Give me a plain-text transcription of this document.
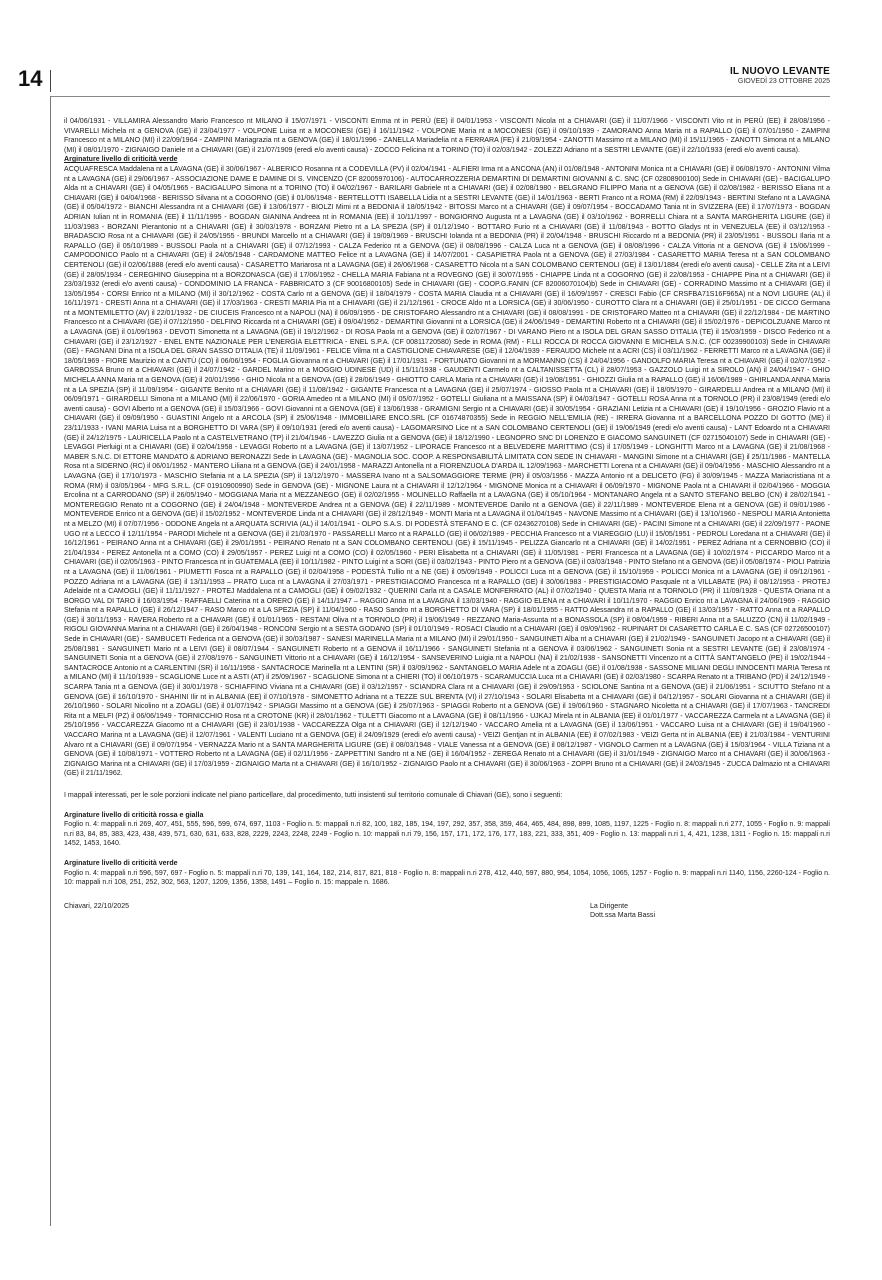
14	IL NUOVO LEVANTE
GIOVEDÌ 23 OTTOBRE 2025

il 04/06/1931 - VILLAMIRA Alessandro Mario Francesco nt MILANO il 15/07/1971 - VISCONTI Emma nt in PERÙ (EE) il 04/01/1953 - VISCONTI Nicola nt a CHIAVARI (GE) il 11/07/1966 - VISCONTI Vito nt in PERÙ (EE) il 28/08/1956 - VIVARELLI Michela nt a GENOVA (GE) il 23/04/1977 - VOLPONE Luisa nt a MOCONESI (GE) il 16/11/1942 - VOLPONE Maria nt a MOCONESI (GE) il 09/10/1939 - ZAMORANO Anna Maria nt a RAPALLO (GE) il 07/01/1950 - ZAMPINI Francesco nt a MILANO (MI) il 22/09/1964 - ZAMPINI Mariagrazia nt a GENOVA (GE) il 18/01/1996 - ZANELLA Mariadelia nt a FERRARA (FE) il 21/09/1954 - ZANOTTI Massimo nt a MILANO (MI) il 15/11/1965 - ZANOTTI Simona nt a MILANO (MI) il 08/01/1970 - ZIGNAIGO Daniele nt a CHIAVARI (GE) il 21/07/1909 (eredi e/o aventi causa) - ZOCCO Felicina nt a TORINO (TO) il 02/03/1942 - ZOLEZZI Adriano nt a SESTRI LEVANTE (GE) il 22/10/1933 (eredi e/o aventi causa).

Arginature livello di criticità verde

ACQUAFRESCA Maddalena nt a LAVAGNA (GE) il 30/06/1967 - ALBERICO Rosanna nt a CODEVILLA (PV) il 02/04/1941 - ALFIERI Irma nt a ANCONA (AN) il 01/08/1948 - ANTONINI Monica nt a CHIAVARI (GE) il 06/08/1970 - ANTONINI Vilma nt a LAVAGNA (GE) il 29/06/1967 - ASSOCIAZIONE DAME E DAMINE DI S. VINCENZO (CF 82005970106) - AUTOCARROZZERIA DEMARTINI DI DEMARTINI GIOVANNI & C. SNC (CF 02808900100) Sede in CHIAVARI (GE) - BACIGALUPO Alda nt a CHIAVARI (GE) il 04/05/1965 - BACIGALUPO Simona nt a TORINO (TO) il 04/02/1967 - BARILARI Gabriele nt a CHIAVARI (GE) il 02/08/1980 - BELGRANO FILIPPO Maria nt a GENOVA (GE) il 02/08/1982 - BERISSO Eliana nt a CHIAVARI (GE) il 04/04/1968 - BERISSO Silvana nt a COGORNO (GE) il 01/06/1948 - BERTELLOTTI ISABELLA Lidia nt a SESTRI LEVANTE (GE) il 14/01/1963 - BERTI Franco nt a ROMA (RM) il 22/09/1943 - BERTINI Stefano nt a LAVAGNA (GE) il 05/04/1972 - BIANCHI Alessandra nt a CHIAVARI (GE) il 13/06/1977 - BIOLZI Mimi nt a BEDONIA il 18/05/1942 - BITOSSI Marco nt a CHIAVARI (GE) il 09/07/1954 - BOCCADAMO Tania nt in SVIZZERA (EE) il 17/07/1973 - BOGDAN ADRIAN Iulian nt in ROMANIA (EE) il 11/11/1995 - BOGDAN GIANINA Andreea nt in ROMANIA (EE) il 10/11/1997 - BONGIORNO Augusta nt a LAVAGNA (GE) il 03/10/1962 - BORRELLI Chiara nt a SANTA MARGHERITA LIGURE (GE) il 11/03/1983 - BORZANI Pierantonio nt a CHIAVARI (GE) il 30/03/1978 - BORZANI Pietro nt a LA SPEZIA (SP) il 01/12/1940 - BOTTARO Furio nt a CHIAVARI (GE) il 11/08/1943 - BOTTO Gladys nt in VENEZUELA (EE) il 03/12/1953 - BRADASCIO Rosa nt a CHIAVARI (GE) il 24/05/1955 - BRUNDI Marcello nt a CHIAVARI (GE) il 19/09/1969 - BRUSCHI Iolanda nt a BEDONIA (PR) il 20/04/1948 - BRUSCHI Riccardo nt a BEDONIA (PR) il 23/05/1951 - BUSSOLI Ilaria nt a RAPALLO (GE) il 05/10/1989 - BUSSOLI Paola nt a CHIAVARI (GE) il 07/12/1993 - CALZA Federico nt a GENOVA (GE) il 08/08/1996 - CALZA Luca nt a GENOVA (GE) il 08/08/1996 - CALZA Vittoria nt a GENOVA (GE) il 15/06/1999 - CAMPODONICO Paolo nt a CHIAVARI (GE) il 24/05/1948 - CARDAMONE MATTEO Felice nt a LAVAGNA (GE) il 14/07/2001 - CASAPIETRA Paola nt a GENOVA (GE) il 27/03/1984 - CASARETTO MARIA Teresa nt a SAN COLOMBANO CERTENOLI (GE) il 02/06/1888 (eredi e/o aventi causa) - CASARETTO Mariarosa nt a LAVAGNA (GE) il 26/06/1968 - CASARETTO Nicola nt a SAN COLOMBANO CERTENOLI (GE) il 13/01/1884 (eredi e/o aventi causa) - CELLE Zita nt a LEIVI (GE) il 28/05/1934 - CEREGHINO Giuseppina nt a BORZONASCA (GE) il 17/06/1952 - CHELLA MARIA Fabiana nt a ROVEGNO (GE) il 30/07/1955 - CHIAPPE Linda nt a COGORNO (GE) il 22/08/1953 - CHIAPPE Pina nt a CHIAVARI (GE) il 23/03/1932 (eredi e/o aventi causa) - CONDOMINIO LA FRANCA - FABBRICATO 3 (CF 90016800105) Sede in CHIAVARI (GE) - COOP.G.FANIN (CF 82006070104)b) Sede in CHIAVARI (GE) - CORRADINO Massimo nt a CHIAVARI (GE) il 13/05/1954 - CORSI Enrico nt a MILANO (MI) il 30/12/1962 - COSTA Carlo nt a GENOVA (GE) il 18/04/1979 - COSTA MARIA Claudia nt a CHIAVARI (GE) il 16/09/1957 - CRESCI Fabio (CF CRSFBA71S16F965A) nt a NOVI LIGURE (AL) il 16/11/1971 - CRESTI Anna nt a CHIAVARI (GE) il 17/03/1963 - CRESTI MARIA Pia nt a CHIAVARI (GE) il 21/12/1961 - CROCE Aldo nt a LORSICA (GE) il 30/06/1950 - CUROTTO Clara nt a CHIAVARI (GE) il 25/01/1951 - DE CICCO Germana nt a MONTEMILETTO (AV) il 22/01/1932 - DE CIUCEIS Francesco nt a NAPOLI (NA) il 06/09/1955 - DE CRISTOFARO Alessandro nt a CHIAVARI (GE) il 08/08/1991 - DE CRISTOFARO Matteo nt a CHIAVARI (GE) il 22/12/1984 - DE MARTINO Francesco nt a CHIAVARI (GE) il 07/12/1950 - DELFINO Riccarda nt a CHIAVARI (GE) il 09/04/1952 - DEMARTINI Giovanni nt a LORSICA (GE) il 24/06/1949 - DEMARTINI Roberto nt a CHIAVARI (GE) il 15/02/1976 - DEPICOLZUANE Marco nt a LAVAGNA (GE) il 01/09/1963 - DEVOTI Simonetta nt a LAVAGNA (GE) il 19/12/1962 - DI ROSA Paola nt a GENOVA (GE) il 02/07/1967 - DI VARANO Piero nt a ISOLA DEL GRAN SASSO D'ITALIA (TE) il 15/03/1959 - DISCO Federico nt a CHIAVARI (GE) il 23/12/1927 - ENEL ENTE NAZIONALE PER L'ENERGIA ELETTRICA - ENEL S.P.A. (CF 00811720580) Sede in ROMA (RM) - F.LLI ROCCA DI ROCCA GIOVANNI E MICHELA S.N.C. (CF 00239900103) Sede in CHIAVARI (GE) - FAGNANI Dina nt a ISOLA DEL GRAN SASSO D'ITALIA (TE) il 11/09/1961 - FELICE Vilma nt a CASTIGLIONE CHIAVARESE (GE) il 12/04/1939 - FERAUDO Michele nt a ACRI (CS) il 03/11/1962 - FERRETTI Marco nt a LAVAGNA (GE) il 18/05/1969 - FIORE Maurizio nt a CANTÙ (CO) il 06/06/1954 - FOGLIA Giovanna nt a CHIAVARI (GE) il 17/01/1931 - FORTUNATO Giovanni nt a MORMANNO (CS) il 24/04/1956 - GANDOLFO MARIA Teresa nt a CHIAVARI (GE) il 02/07/1952 - GARBOSSA Bruno nt a CHIAVARI (GE) il 24/07/1942 - GARDEL Marino nt a MOGGIO UDINESE (UD) il 15/11/1938 - GAUDENTI Carmelo nt a CALTANISSETTA (CL) il 28/07/1953 - GAZZOLO Luigi nt a SIROLO (AN) il 24/04/1947 - GHIO MICHELA ANNA Maria nt a GENOVA (GE) il 20/01/1956 - GHIO Nicola nt a GENOVA (GE) il 28/06/1949 - GHIOTTO CARLA Maria nt a CHIAVARI (GE) il 19/08/1951 - GHIOZZI Giulia nt a RAPALLO (GE) il 16/06/1989 - GHIRLANDA ANNA Maria nt a LA SPEZIA (SP) il 11/09/1954 - GIGANTE Benito nt a CHIAVARI (GE) il 11/08/1942 - GIGANTE Francesca nt a LAVAGNA (GE) il 25/07/1974 - GIOSSO Paola nt a CHIAVARI (GE) il 18/05/1970 - GIRARDELLI Andrea nt a MILANO (MI) il 06/09/1971 - GIRARDELLI Simona nt a MILANO (MI) il 22/06/1970 - GORIA Amedeo nt a MILANO (MI) il 05/07/1952 - GOTELLI Giuliana nt a MAISSANA (SP) il 04/03/1947 - GOTELLI ROSA Anna nt a TORNOLO (PR) il 23/08/1949 (eredi e/o aventi causa) - GOVI Alberto nt a GENOVA (GE) il 15/03/1966 - GOVI Giovanni nt a GENOVA (GE) il 13/06/1938 - GRAMIGNI Sergio nt a CHIAVARI (GE) il 30/05/1954 - GRAZIANI Letizia nt a CHIAVARI (GE) il 19/10/1956 - GROZIO Flavio nt a CHIAVARI (GE) il 09/09/1950 - GUASTINI Angelo nt a ARCOLA (SP) il 25/06/1948 - IMMOBILIARE ENCO.SRL (CF 01674870355) Sede in REGGIO NELL'EMILIA (RE) - IRRERA Giovanna nt a BARCELLONA POZZO DI GOTTO (ME) il 23/11/1933 - IVANI MARIA Luisa nt a BORGHETTO DI VARA (SP) il 09/10/1931 (eredi e/o aventi causa) - LAGOMARSINO Lice nt a SAN COLOMBANO CERTENOLI (GE) il 19/06/1949 (eredi e/o aventi causa) - LANT Edoardo nt a CHIAVARI (GE) il 24/12/1975 - LAURICELLA Paolo nt a CASTELVETRANO (TP) il 21/04/1946 - LAVEZZO Giulia nt a GENOVA (GE) il 18/12/1990 - LEGNOPRO SNC DI LORENZO E GIACOMO SANGUINETI (CF 02715040107) Sede in CHIAVARI (GE) - LEVAGGI Pierluigi nt a CHIAVARI (GE) il 02/04/1958 - LEVAGGI Roberto nt a LAVAGNA (GE) il 13/07/1952 - LIPORACE Francesco nt a BELVEDERE MARITTIMO (CS) il 17/05/1949 - LONGHITTI Marco nt a LAVAGNA (GE) il 21/08/1968 - MABER S.N.C. DI ETTORE MANDATO & ADRIANO BERONAZZI Sede in LAVAGNA (GE) - MAGNOLIA SOC. COOP. A RESPONSABILITÀ LIMITATA CON SEDE IN CHIAVARI - MANGINI Simone nt a CHIAVARI (GE) il 25/11/1986 - MANTELLA Rosa nt a SIDERNO (RC) il 06/01/1952 - MANTERO Liliana nt a GENOVA (GE) il 24/01/1958 - MARAZZI Antonella nt a FIORENZUOLA D'ARDA IL 12/09/1963 - MARCHETTI Lorena nt a CHIAVARI (GE) il 09/04/1956 - MASCHIO Alessandro nt a LAVAGNA (GE) il 17/10/1973 - MASCHIO Stefania nt a LA SPEZIA (SP) il 13/12/1970 - MASSERA Ivano nt a SALSOMAGGIORE TERME (PR) il 05/03/1956 - MAZZA Antonio nt a DELICETO (FG) il 30/09/1945 - MAZZA Mariacristiana nt a ROMA (RM) il 03/05/1964 - MFG S.R.L. (CF 01910900990) Sede in GENOVA (GE) - MIGNONE Laura nt a CHIAVARI il 12/12/1964 - MIGNONE Monica nt a CHIAVARI il 06/09/1970 - MIGNONE Paola nt a CHIAVARI il 02/04/1966 - MOGGIA Ercolina nt a CARRODANO (SP) il 26/05/1940 - MOGGIANA Maria nt a MEZZANEGO (GE) il 02/02/1955 - MOLINELLO Raffaella nt a LAVAGNA (GE) il 05/10/1964 - MONTANARO Angela nt a SANTO STEFANO BELBO (CN) il 28/02/1941 - MONTEREGGIO Renato nt a COGORNO (GE) il 24/04/1948 - MONTEVERDE Andrea nt a GENOVA (GE) il 22/11/1989 - MONTEVERDE Danilo nt a GENOVA (GE) il 22/11/1989 - MONTEVERDE Elena nt a GENOVA (GE) il 09/01/1986 - MONTEVERDE Enrico nt a GENOVA (GE) il 15/02/1952 - MONTEVERDE Linda nt a CHIAVARI (GE) il 28/12/1949 - MONTI Maria nt a LAVAGNA il 01/04/1945 - NAVONE Massimo nt a CHIAVARI (GE) il 13/10/1960 - NESPOLI MARIA Antonietta nt a MELZO (MI) il 07/07/1956 - ODDONE Angela nt a ARQUATA SCRIVIA (AL) il 14/01/1941 - OLPO S.A.S. DI PODESTÀ STEFANO E C. (CF 02436270108) Sede in CHIAVARI (GE) - PACINI Simone nt a CHIAVARI (GE) il 22/09/1977 - PAONE UGO nt a LECCO il 12/11/1954 - PARODI Michele nt a GENOVA (GE) il 21/03/1970 - PASSARELLI Marco nt a RAPALLO (GE) il 06/02/1989 - PECCHIA Francesco nt a VIAREGGIO (LU) il 15/05/1951 - PEDROLI Loredana nt a CHIAVARI (GE) il 16/12/1961 - PEIRANO Anna nt a CHIAVARI (GE) il 29/01/1951 - PEIRANO Renato nt a SAN COLOMBANO CERTENOLI (GE) il 15/11/1945 - PELIZZA Giancarlo nt a CHIAVARI (GE) il 14/02/1951 - PEREZ Adriana nt a CERNOBBIO (CO) il 21/04/1934 - PEREZ Antonella nt a COMO (CO) il 29/05/1957 - PEREZ Luigi nt a COMO (CO) il 02/05/1960 - PERI Elisabetta nt a CHIAVARI (GE) il 11/05/1981 - PERI Francesca nt a LAVAGNA (GE) il 10/02/1974 - PICCARDO Marco nt a CHIAVARI (GE) il 02/05/1963 - PINTO Francesca nt in GUATEMALA (EE) il 10/11/1982 - PINTO Luigi nt a SORI (GE) il 03/02/1943 - PINTO Piero nt a GENOVA (GE) il 03/03/1948 - PINTO Stefano nt a GENOVA (GE) il 05/08/1974 - PIOLI Patrizia nt a LAVAGNA (GE) il 11/06/1961 - PIUMETTI Fosca nt a RAPALLO (GE) il 02/04/1958 - PODESTÀ Tullio nt a NE (GE) il 05/09/1949 - POLICCI Luca nt a GENOVA (GE) il 15/10/1959 - POLICCI Monica nt a LAVAGNA (GE) il 09/12/1961 - POZZO Adriana nt a LAVAGNA (GE) il 13/11/1953 – PRATO Luca nt a LAVAGNA il 27/03/1971 - PRESTIGIACOMO Francesca nt a RAPALLO (GE) il 30/06/1983 - PRESTIGIACOMO Pasquale nt a VILLABATE (PA) il 08/12/1953 - PROTEJ Adelaide nt a CAMOGLI (GE) il 11/11/1927 - PROTEJ Maddalena nt a CAMOGLI (GE) il 09/02/1932 - QUERINI Carla nt a CASALE MONFERRATO (AL) il 07/02/1940 - QUESTA Maria nt a TORNOLO (PR) il 11/09/1928 - QUESTA Oriana nt a BORGO VAL DI TARO il 16/03/1954 - RAFFAELLI Caterina nt a ORERO (GE) il 14/11/1947 – RAGGIO Anna nt a LAVAGNA il 13/03/1940 - RAGGIO ELENA nt a CHIAVARI il 10/11/1970 - RAGGIO Enrico nt a LAVAGNA il 24/06/1969 - RAGGIO Stefania nt a RAPALLO (GE) il 26/12/1947 - RASO Marco nt a LA SPEZIA (SP) il 11/04/1960 - RASO Sandro nt a BORGHETTO DI VARA (SP) il 18/01/1955 - RATTO Alessandra nt a RAPALLO (GE) il 13/03/1957 - RATTO Anna nt a RAPALLO (GE) il 30/11/1953 - RAVERA Roberto nt a CHIAVARI (GE) il 01/01/1965 - RESTANI Oliva nt a TORNOLO (PR) il 19/06/1949 - REZZANO Maria-Assunta nt a BONASSOLA (SP) il 08/04/1959 - RIBERI Anna nt a SALUZZO (CN) il 11/02/1949 - RIGOLI GIOVANNA Marina nt a CHIAVARI (GE) il 26/04/1948 - RONCONI Sergio nt a SESTA GODANO (SP) il 01/10/1949 - ROSACI Claudio nt a CHIAVARI (GE) il 09/09/1962 - RUPINART DI CASARETTO CARLA E C. SAS (CF 02726500107) Sede in CHIAVARI (GE) - SAMBUCETI Federica nt a GENOVA (GE) il 30/03/1987 - SANESI MARINELLA Maria nt a MILANO (MI) il 29/01/1950 - SANGUINETI Alba nt a CHIAVARI (GE) il 21/02/1949 - SANGUINETI Jacopo nt a CHIAVARI (GE) il 25/08/1981 - SANGUINETI Mario nt a LEIVI (GE) il 08/07/1944 - SANGUINETI Roberto nt a GENOVA il 16/11/1966 - SANGUINETI Stefania nt a GENOVA il 03/06/1962 - SANGUINETI Sonia nt a SESTRI LEVANTE (GE) il 23/08/1974 - SANGUINETI Sonia nt a GENOVA (GE) il 27/08/1976 - SANGUINETI Vittorio nt a CHIAVARI (GE) il 16/12/1954 - SANSEVERINO Luigia nt a NAPOLI (NA) il 21/02/1938 - SANSONETTI Vincenzo nt a CITTÀ SANT'ANGELO (PE) il 19/02/1944 - SANTACROCE Antonio nt a CARLENTINI (SR) il 16/11/1958 - SANTACROCE Marinella nt a LENTINI (SR) il 03/09/1962 - SANTANGELO MARIA Adele nt a ZOAGLI (GE) il 01/08/1938 - SASSONE MILIANI DEGLI INNOCENTI MARIA Teresa nt a MILANO (MI) il 11/10/1939 - SCAGLIONE Luce nt a ASTI (AT) il 25/09/1967 - SCAGLIONE Simona nt a CHIERI (TO) il 06/10/1975 - SCARAMUCCIA Luca nt a CHIAVARI (GE) il 02/03/1980 - SCARPA Renato nt a TRIBANO (PD) il 24/12/1949 - SCARPA Tania nt a GENOVA (GE) il 30/01/1978 - SCHIAFFINO Viviana nt a CHIAVARI (GE) il 03/12/1957 - SCIANDRA Clara nt a CHIAVARI (GE) il 29/09/1953 - SCIOLONE Santina nt a GENOVA (GE) il 21/06/1951 - SCIUTTO Stefano nt a GENOVA (GE) il 16/10/1970 - SHAHINI Ilir nt in ALBANIA (EE) il 07/10/1978 - SIMONETTO Adriana nt a TEZZE SUL BRENTA (VI) il 27/10/1943 - SOLARI Elisabetta nt a CHIAVARI (GE) il 04/12/1957 - SOLARI Giovanna nt a CHIAVARI (GE) il 26/10/1960 - SOLARI Nicolino nt a ZOAGLI (GE) il 01/07/1942 - SPIAGGI Massimo nt a GENOVA (GE) il 25/07/1963 - SPIAGGI Roberto nt a GENOVA (GE) il 19/06/1960 - STAGNARO Nicoletta nt a CHIAVARI (GE) il 17/07/1963 - TANCREDI Rita nt a MELFI (PZ) il 06/06/1949 - TORNICCHIO Rosa nt a CROTONE (KR) il 28/01/1962 - TULETTI Giacomo nt a LAVAGNA (GE) il 08/11/1956 - UJKAJ Mirela nt in ALBANIA (EE) il 01/01/1977 - VACCAREZZA Carmela nt a LAVAGNA (GE) il 25/10/1956 - VACCAREZZA Giacomo nt a CHIAVARI (GE) il 23/01/1938 - VACCAREZZA Olga nt a CHIAVARI (GE) il 12/12/1940 - VACCARO Amelia nt a LAVAGNA (GE) il 13/06/1951 - VACCARO Luisa nt a CHIAVARI (GE) il 19/04/1960 - VACCARO Marina nt a LAVAGNA (GE) il 12/07/1961 - VALENTI Luciano nt a GENOVA (GE) il 24/09/1929 (eredi e/o aventi causa) - VEIZI Gentjan nt in ALBANIA (EE) il 07/02/1983 - VEIZI Gerta nt in ALBANIA (EE) il 21/03/1984 - VENTURINI Alvaro nt a CHIAVARI (GE) il 09/07/1954 - VERNAZZA Mario nt a SANTA MARGHERITA LIGURE (GE) il 08/03/1948 - VIALE Vanessa nt a GENOVA (GE) il 08/12/1987 - VIGNOLO Carmen nt a LAVAGNA (GE) il 15/03/1964 - VILLA Tiziana nt a GENOVA (GE) il 10/08/1971 - VOTTERO Roberto nt a LAVAGNA (GE) il 02/11/1956 - ZAPPETTINI Sandro nt a NE (GE) il 16/04/1952 - ZEREGA Renato nt a CHIAVARI (GE) il 31/01/1949 - ZIGNAIGO Marco nt a CHIAVARI (GE) il 30/06/1963 - ZIGNAIGO Marina nt a CHIAVARI (GE) il 17/03/1959 - ZIGNAIGO Marta nt a CHIAVARI (GE) il 16/10/1952 - ZIGNAIGO Paolo nt a CHIAVARI (GE) il 30/06/1963 - ZOPPI Bruno nt a CHIAVARI (GE) il 24/03/1945 - ZUCCA Dalmazio nt a CHIAVARI (GE) il 21/11/1962.

I mappali interessati, per le sole porzioni indicate nel piano particellare, dal procedimento, tutti insistenti sul territorio comunale di Chiavari (GE), sono i seguenti:

Arginature livello di criticità rossa e gialla

Foglio n. 4: mappali n.ri 269, 407, 451, 555, 596, 599, 674, 697, 1103 - Foglio n. 5: mappali n.ri 82, 100, 182, 185, 194, 197, 292, 357, 358, 359, 464, 465, 484, 898, 899, 1085, 1197, 1225 - Foglio n. 8: mappali n.ri 277, 1055 - Foglio n. 9: mappali n.ri 83, 84, 85, 383, 423, 438, 439, 571, 630, 631, 633, 828, 2229, 2243, 2248, 2249 - Foglio n. 10: mappali n.ri 79, 156, 157, 171, 172, 176, 177, 183, 221, 333, 351, 409 - Foglio n. 13: mappali n.ri 1, 4, 421, 1238, 1311 - Foglio n. 15: mappali n.ri 1452, 1453, 1640.

Arginature livello di criticità verde

Foglio n. 4: mappali n.ri 596, 597, 697 - Foglio n. 5: mappali n.ri 70, 139, 141, 164, 182, 214, 817, 821, 818 - Foglio n. 8: mappali n.ri 278, 412, 440, 597, 880, 954, 1054, 1056, 1065, 1257 - Foglio n. 9: mappali n.ri 1140, 1156, 2260-124 - Foglio n. 10: mappali n.ri 108, 251, 252, 302, 563, 1207, 1209, 1356, 1358, 1491 – Foglio n. 15: mappale n. 1686.

Chiavari, 22/10/2025	La Dirigente
Dott.ssa Marta Bassi
